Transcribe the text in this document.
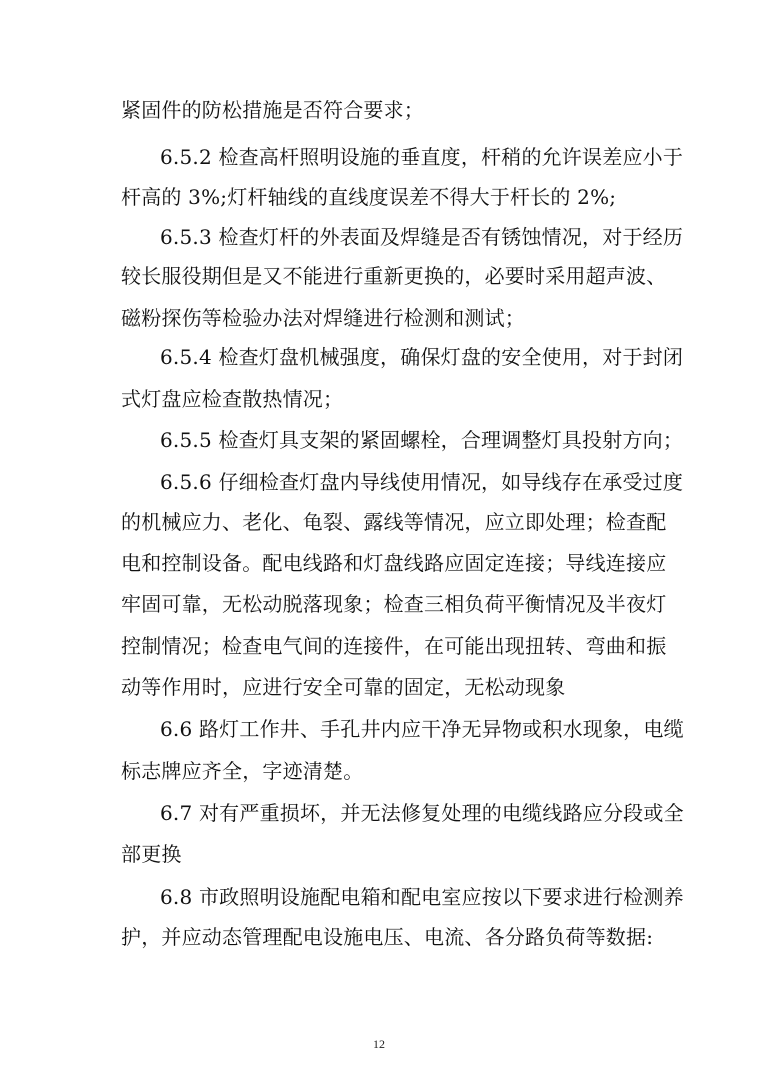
紧固件的防松措施是否符合要求；
6.5.2 检查高杆照明设施的垂直度，杆稍的允许误差应小于
杆高的 3%;灯杆轴线的直线度误差不得大于杆长的 2%;
6.5.3 检查灯杆的外表面及焊缝是否有锈蚀情况，对于经历
较长服役期但是又不能进行重新更换的，必要时采用超声波、
磁粉探伤等检验办法对焊缝进行检测和测试；
6.5.4 检查灯盘机械强度，确保灯盘的安全使用，对于封闭
式灯盘应检查散热情况；
6.5.5 检查灯具支架的紧固螺栓，合理调整灯具投射方向；
6.5.6 仔细检查灯盘内导线使用情况，如导线存在承受过度
的机械应力、老化、龟裂、露线等情况，应立即处理；检查配
电和控制设备。配电线路和灯盘线路应固定连接；导线连接应
牢固可靠，无松动脱落现象；检查三相负荷平衡情况及半夜灯
控制情况；检查电气间的连接件，在可能出现扭转、弯曲和振
动等作用时，应进行安全可靠的固定，无松动现象
6.6 路灯工作井、手孔井内应干净无异物或积水现象，电缆
标志牌应齐全，字迹清楚。
6.7 对有严重损坏，并无法修复处理的电缆线路应分段或全
部更换
6.8 市政照明设施配电箱和配电室应按以下要求进行检测养
护，并应动态管理配电设施电压、电流、各分路负荷等数据:
12
